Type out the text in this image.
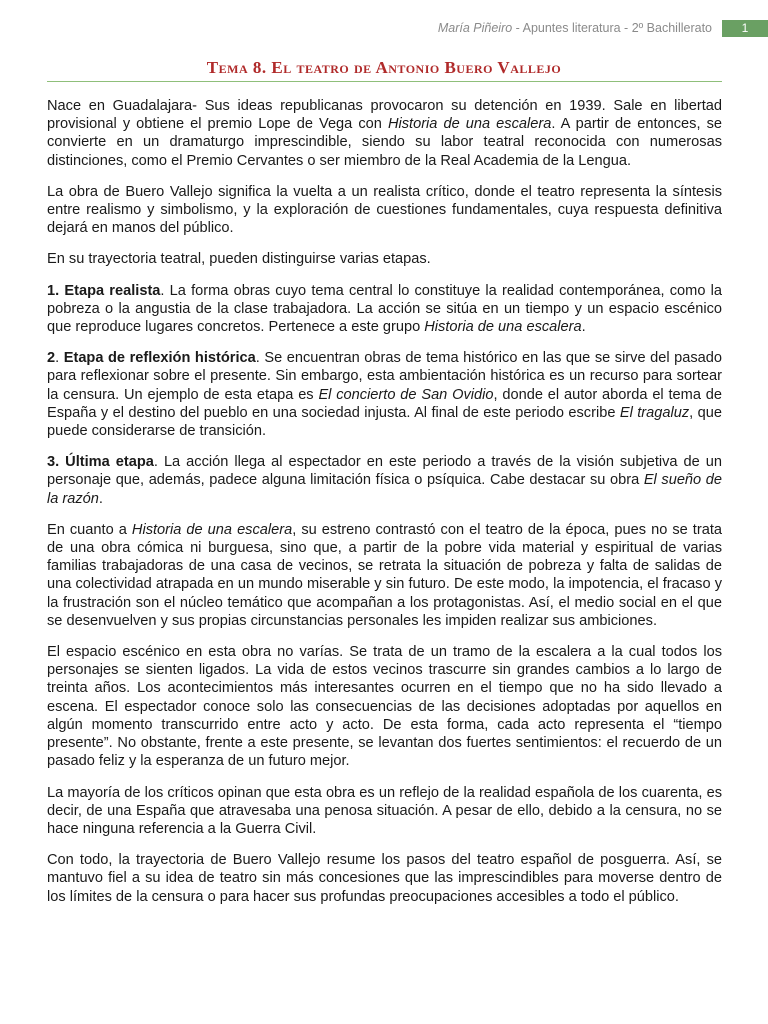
María Piñeiro - Apuntes literatura - 2º Bachillerato	1
Tema 8. El teatro de Antonio Buero Vallejo

Nace en Guadalajara- Sus ideas republicanas provocaron su detención en 1939. Sale en libertad provisional y obtiene el premio Lope de Vega con Historia de una escalera. A partir de entonces, se convierte en un dramaturgo imprescindible, siendo su labor teatral reconocida con numerosas distinciones, como el Premio Cervantes o ser miembro de la Real Academia de la Lengua.

La obra de Buero Vallejo significa la vuelta a un realista crítico, donde el teatro representa la síntesis entre realismo y simbolismo, y la exploración de cuestiones fundamentales, cuya respuesta definitiva dejará en manos del público.

En su trayectoria teatral, pueden distinguirse varias etapas.

1. Etapa realista. La forma obras cuyo tema central lo constituye la realidad contemporánea, como la pobreza o la angustia de la clase trabajadora. La acción se sitúa en un tiempo y un espacio escénico que reproduce lugares concretos. Pertenece a este grupo Historia de una escalera.

2. Etapa de reflexión histórica. Se encuentran obras de tema histórico en las que se sirve del pasado para reflexionar sobre el presente. Sin embargo, esta ambientación histórica es un recurso para sortear la censura. Un ejemplo de esta etapa es El concierto de San Ovidio, donde el autor aborda el tema de España y el destino del pueblo en una sociedad injusta. Al final de este periodo escribe El tragaluz, que puede considerarse de transición.

3. Última etapa. La acción llega al espectador en este periodo a través de la visión subjetiva de un personaje que, además, padece alguna limitación física o psíquica. Cabe destacar su obra El sueño de la razón.

En cuanto a Historia de una escalera, su estreno contrastó con el teatro de la época, pues no se trata de una obra cómica ni burguesa, sino que, a partir de la pobre vida material y espiritual de varias familias trabajadoras de una casa de vecinos, se retrata la situación de pobreza y falta de salidas de una colectividad atrapada en un mundo miserable y sin futuro. De este modo, la impotencia, el fracaso y la frustración son el núcleo temático que acompañan a los protagonistas. Así, el medio social en el que se desenvuelven y sus propias circunstancias personales les impiden realizar sus ambiciones.

El espacio escénico en esta obra no varías. Se trata de un tramo de la escalera a la cual todos los personajes se sienten ligados. La vida de estos vecinos trascurre sin grandes cambios a lo largo de treinta años. Los acontecimientos más interesantes ocurren en el tiempo que no ha sido llevado a escena. El espectador conoce solo las consecuencias de las decisiones adoptadas por aquellos en algún momento transcurrido entre acto y acto. De esta forma, cada acto representa el “tiempo presente”. No obstante, frente a este presente, se levantan dos fuertes sentimientos: el recuerdo de un pasado feliz y la esperanza de un futuro mejor.

La mayoría de los críticos opinan que esta obra es un reflejo de la realidad española de los cuarenta, es decir, de una España que atravesaba una penosa situación. A pesar de ello, debido a la censura, no se hace ninguna referencia a la Guerra Civil.

Con todo, la trayectoria de Buero Vallejo resume los pasos del teatro español de posguerra. Así, se mantuvo fiel a su idea de teatro sin más concesiones que las imprescindibles para moverse dentro de los límites de la censura o para hacer sus profundas preocupaciones accesibles a todo el público.
